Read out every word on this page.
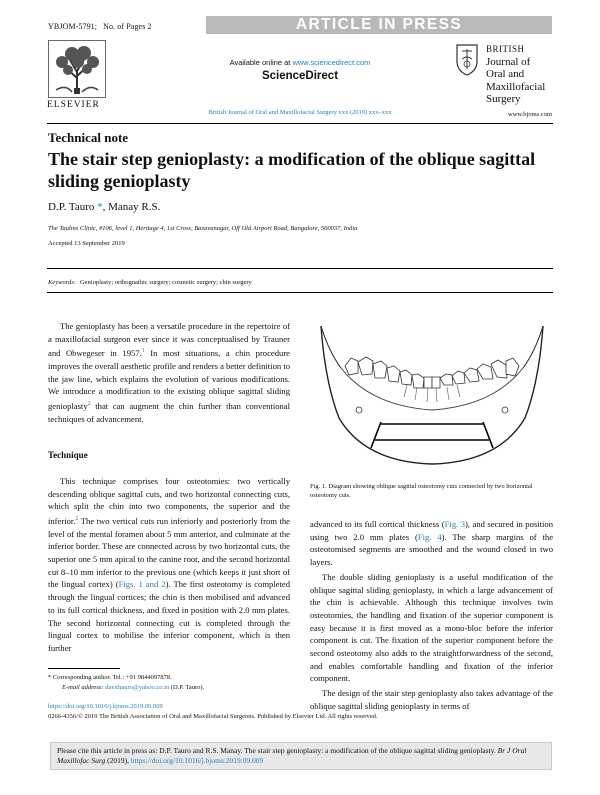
YBJOM-5791; No. of Pages 2	ARTICLE IN PRESS
ELSEVIER
Available online at www.sciencedirect.com
ScienceDirect
British Journal of Oral and Maxillofacial Surgery xxx (2019) xxx–xxx
BRITISH
Journal of
Oral and
Maxillofacial
Surgery
www.bjoms.com
Technical note
The stair step genioplasty: a modification of the oblique sagittal sliding genioplasty
D.P. Tauro *, Manay R.S.
The Taulins Clinic, #106, level 1, Heritage 4, 1st Cross, Basavanagar, Off Old Airport Road, Bangalore, 560037, India
Accepted 13 September 2019
Keywords: Genioplasty; orthognathic surgery; cosmetic surgery; chin surgery

The genioplasty has been a versatile procedure in the repertoire of a maxillofacial surgeon ever since it was conceptualised by Trauner and Obwegeser in 1957.$^1$ In most situations, a chin procedure improves the overall aesthetic profile and renders a better definition to the jaw line, which explains the evolution of various modifications. We introduce a modification to the existing oblique sagittal sliding genioplasty$^2$ that can augment the chin further than conventional techniques of advancement.

Technique

This technique comprises four osteotomies: two vertically descending oblique sagittal cuts, and two horizontal connecting cuts, which split the chin into two components, the superior and the inferior.$^2$ The two vertical cuts run inferiorly and posteriorly from the level of the mental foramen about 5 mm anterior, and culminate at the inferior border. These are connected across by two horizontal cuts, the superior one 5 mm apical to the canine root, and the second horizontal cut 8–10 mm inferior to the previous one (which keeps it just short of the lingual cortex) (Figs. 1 and 2). The first osteotomy is completed through the lingual cortices; the chin is then mobilised and advanced to its full cortical thickness, and fixed in position with 2.0 mm plates. The second horizontal connecting cut is completed through the lingual cortex to mobilise the inferior component, which is then further

Fig. 1. Diagram showing oblique sagittal osteotomy cuts connected by two horizontal osteotomy cuts.

advanced to its full cortical thickness (Fig. 3), and secured in position using two 2.0 mm plates (Fig. 4). The sharp margins of the osteotomised segments are smoothed and the wound closed in two layers.

The double sliding genioplasty is a useful modification of the oblique sagittal sliding genioplasty, in which a large advancement of the chin is achievable. Although this technique involves twin osteotomies, the handling and fixation of the superior component is easy because it is first moved as a mono-bloc before the inferior component is cut. The fixation of the superior component before the second osteotomy also adds to the straightforwardness of the second, and enables comfortable handling and fixation of the inferior component.

The design of the stair step genioplasty also takes advantage of the oblique sagittal sliding genioplasty in terms of

* Corresponding author. Tel.: +91 9844097878.
E-mail address: davidtauro@yahoo.co.in (D.P. Tauro).
https://doi.org/10.1016/j.bjoms.2019.09.009
0266-4356/© 2019 The British Association of Oral and Maxillofacial Surgeons. Published by Elsevier Ltd. All rights reserved.
Please cite this article in press as: D.P. Tauro and R.S. Manay. The stair step genioplasty: a modification of the oblique sagittal sliding genioplasty. Br J Oral Maxillofac Surg (2019), https://doi.org/10.1016/j.bjoms.2019.09.009
